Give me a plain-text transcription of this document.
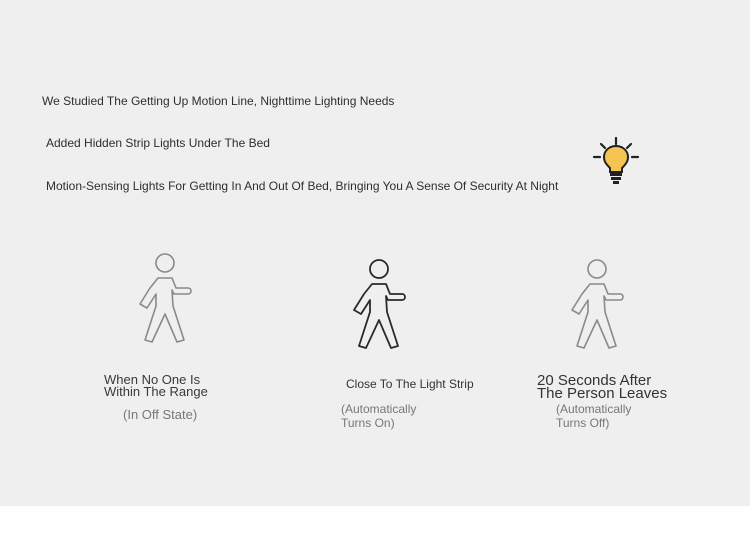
We Studied The Getting Up Motion Line, Nighttime Lighting Needs
Added Hidden Strip Lights Under The Bed
Motion-Sensing Lights For Getting In And Out Of Bed, Bringing You A Sense Of Security At Night
When No One Is
Within The Range
(In Off State)
Close To The Light Strip
(Automatically
Turns On)
20 Seconds After
The Person Leaves
(Automatically
Turns Off)
